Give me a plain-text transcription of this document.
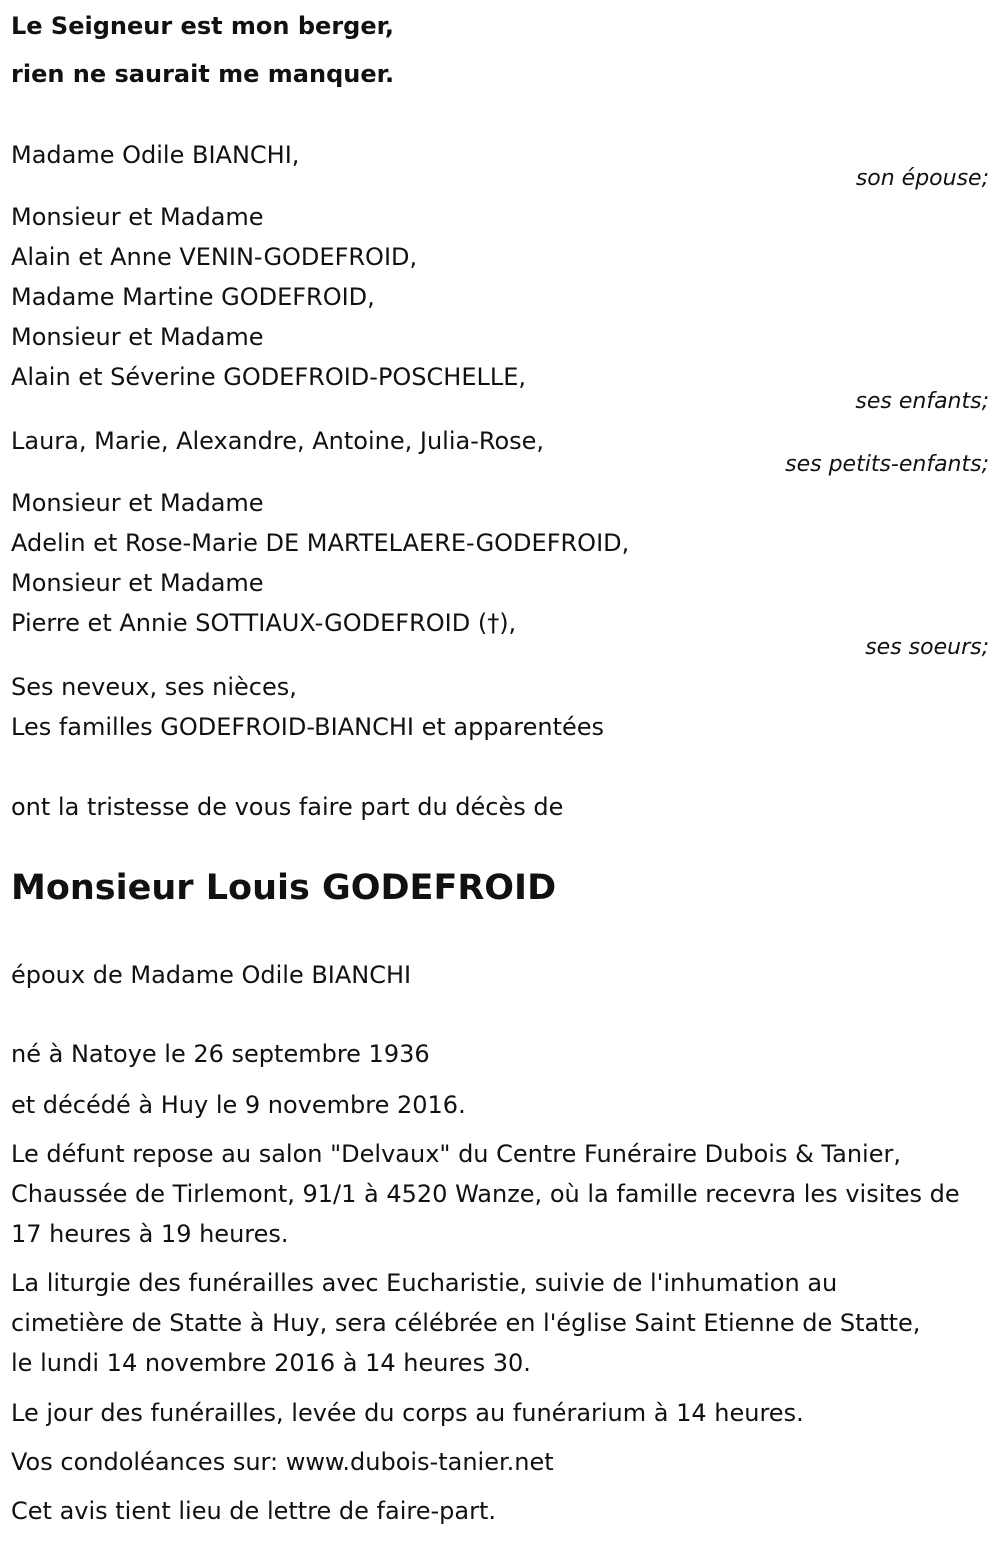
Le Seigneur est mon berger,
rien ne saurait me manquer.
Madame Odile BIANCHI,
son épouse;
Monsieur et Madame
Alain et Anne VENIN-GODEFROID,
Madame Martine GODEFROID,
Monsieur et Madame
Alain et Séverine GODEFROID-POSCHELLE,
ses enfants;
Laura, Marie, Alexandre, Antoine, Julia-Rose,
ses petits-enfants;
Monsieur et Madame
Adelin et Rose-Marie DE MARTELAERE-GODEFROID,
Monsieur et Madame
Pierre et Annie SOTTIAUX-GODEFROID (†),
ses soeurs;
Ses neveux, ses nièces,
Les familles GODEFROID-BIANCHI et apparentées
ont la tristesse de vous faire part du décès de
Monsieur Louis GODEFROID
époux de Madame Odile BIANCHI
né à Natoye le 26 septembre 1936
et décédé à Huy le 9 novembre 2016.
Le défunt repose au salon "Delvaux" du Centre Funéraire Dubois & Tanier, Chaussée de Tirlemont, 91/1 à 4520 Wanze, où la famille recevra les visites de 17 heures à 19 heures.
La liturgie des funérailles avec Eucharistie, suivie de l'inhumation au cimetière de Statte à Huy, sera célébrée en l'église Saint Etienne de Statte, le lundi 14 novembre 2016 à 14 heures 30.
Le jour des funérailles, levée du corps au funérarium à 14 heures.
Vos condoléances sur: www.dubois-tanier.net
Cet avis tient lieu de lettre de faire-part.
